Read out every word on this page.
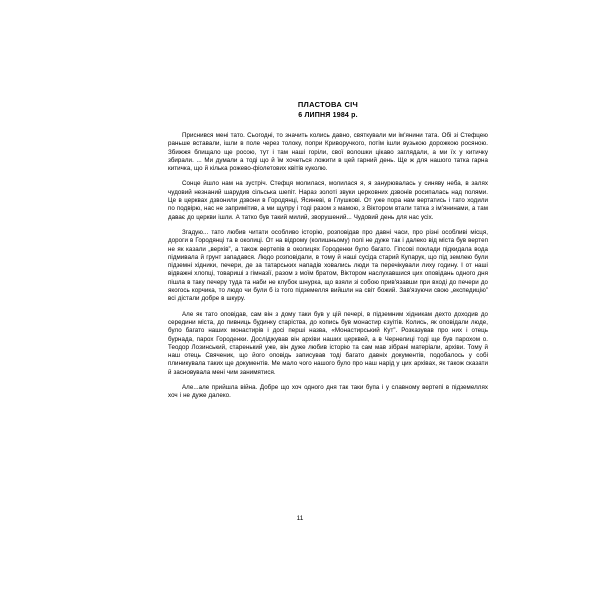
ПЛАСТОВА СІЧ
6 ЛИПНЯ 1984 р.

Приснився мені тато. Сьогодні, то значить колись давно, святкували ми ім'янини тата. Обі зі Стефцею раньше вставали, ішли в поле через толоку, попри Криворучкого, потім ішли вузькою дорожкою росяною. Збижжя блищало ще росою, тут і там наші горіли, свої волошки цікаво заглядали, а ми їх у китичку збирали. ... Ми думали а тоді що й їм хочеться ложити в цей гарний день. Ще ж для нашого татка гарна китичка, що й кілька рожево-фіолетових квітів куколю.

Сонце йшло нам на зустріч. Стефця молилася, молилася я, я занурювалась у синяву неба, в залях чудовий незнаний шарудив сільська шепіт. Нараз золоті звуки церковних дзвонів росипалась над полями. Це в церквах дзвонили дзвони в Городянці, Ясиневі, в Глушкові. От уже пора нам вертатись і тато ходили по подвірю, нас не запримітив, а ми щупру і тоді разом з мамою, з Віктором втали татка з ім'янинами, а там даває до церкви ішли. А татко був такий милий, зворушений... Чудовий день для нас усіх.

Згадую... тато любив читати особливо історію, розповідав про давні часи, про різні особливі місця, дороги в Городянці та в околиці. От на відрому (колишньому) полі не дуже так і далеко від міста був вертеп не як казали „верхів”, а також вертепів в околицях Городенки було багато. Гіпсові поклади підкидала вода підмивала й грунт западався. Людо розповідали, в тому й наші сусіда старий Купарук, що під землею були підземні хідники, печери, де за татарських нападів ховались люди та перечікували лиху годину. І от наші відважні хлопці, товариші з гімназії, разом з моїм братом, Віктором наслухавшися цих оповідань одного дня пішла в таку печеру туда та наби не клубок шнурка, що взяли зі собою прив'язавши при вході до печери до якогось корчика, то людо чи були б із того підземелля вийшли на світ божий. Зав'язуючи свою „експедицію” всі дістали добре в шкуру.

Але як тато оповідав, сам він з дому таки був у цій печері, в підземним хідникам дехто доходив до середини міста, до пивниць будинку старіства, до копись був монастир єзуітів. Колись, як оповідали люде, було багато наших монастирів і досі перші назва, «Монастирський Кут”. Розказував про них і отець бурнада, парох Городенки. Досліджував він архіви наших церквей, а в Чернелиці тоді ще був парохом о. Теодор Лозинський, старенький уже, він дуже любив історію та сам мав зібрані матеріали, архіви. Тому й наш отець Свяченик, що його оповідь записував тоді багато давніх документів, подобалось у собі плиникувала таких ще документів. Ме мало чого нашого було про наш нарід у цих архівах, як також сказати й засновувала мені чим занимятися.

Але...але прийшла війна. Добре що хоч одного дня так таки бупа і у славному вертепі в підземеллях хоч і не дуже далеко.

11
